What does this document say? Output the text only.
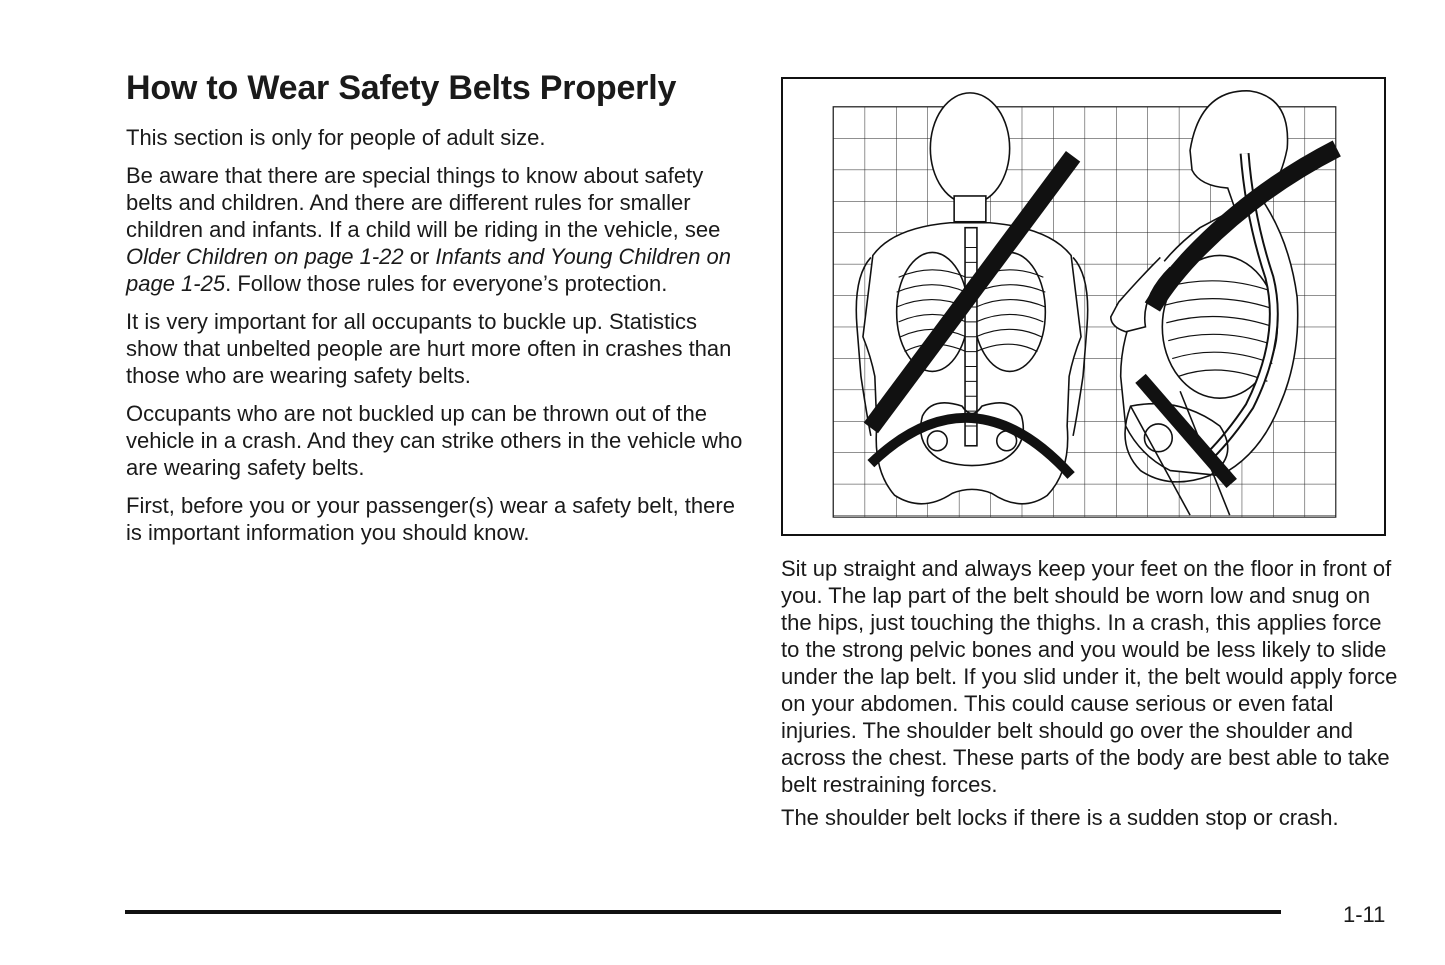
How to Wear Safety Belts Properly

This section is only for people of adult size.

Be aware that there are special things to know about safety belts and children. And there are different rules for smaller children and infants. If a child will be riding in the vehicle, see Older Children on page 1-22 or Infants and Young Children on page 1-25. Follow those rules for everyone’s protection.

It is very important for all occupants to buckle up. Statistics show that unbelted people are hurt more often in crashes than those who are wearing safety belts.

Occupants who are not buckled up can be thrown out of the vehicle in a crash. And they can strike others in the vehicle who are wearing safety belts.

First, before you or your passenger(s) wear a safety belt, there is important information you should know.

Sit up straight and always keep your feet on the floor in front of you. The lap part of the belt should be worn low and snug on the hips, just touching the thighs. In a crash, this applies force to the strong pelvic bones and you would be less likely to slide under the lap belt. If you slid under it, the belt would apply force on your abdomen. This could cause serious or even fatal injuries. The shoulder belt should go over the shoulder and across the chest. These parts of the body are best able to take belt restraining forces.

The shoulder belt locks if there is a sudden stop or crash.

1-11
